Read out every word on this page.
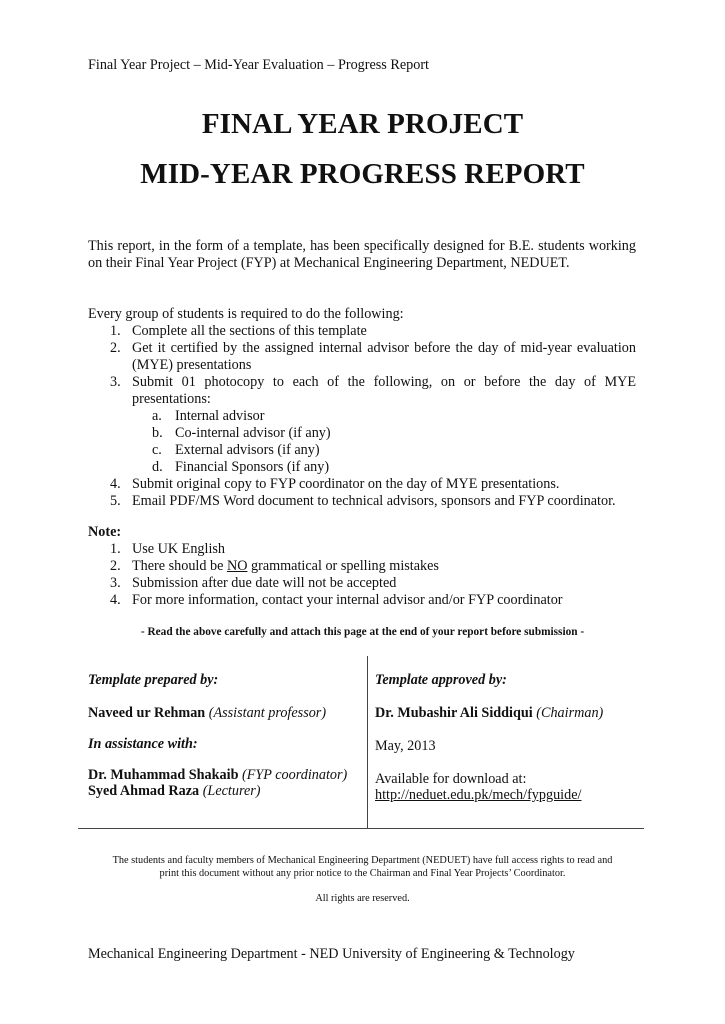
Final Year Project – Mid-Year Evaluation – Progress Report
FINAL YEAR PROJECT
MID-YEAR PROGRESS REPORT
This report, in the form of a template, has been specifically designed for B.E. students working on their Final Year Project (FYP) at Mechanical Engineering Department, NEDUET.

Every group of students is required to do the following:

1. Complete all the sections of this template
2. Get it certified by the assigned internal advisor before the day of mid-year evaluation (MYE) presentations
3. Submit 01 photocopy to each of the following, on or before the day of MYE presentations:
a. Internal advisor
b. Co-internal advisor (if any)
c. External advisors (if any)
d. Financial Sponsors (if any)
4. Submit original copy to FYP coordinator on the day of MYE presentations.
5. Email PDF/MS Word document to technical advisors, sponsors and FYP coordinator.

Note:

1. Use UK English
2. There should be NO grammatical or spelling mistakes
3. Submission after due date will not be accepted
4. For more information, contact your internal advisor and/or FYP coordinator
- Read the above carefully and attach this page at the end of your report before submission -
Template prepared by:
Naveed ur Rehman (Assistant professor)
In assistance with:
Dr. Muhammad Shakaib (FYP coordinator)
Syed Ahmad Raza (Lecturer)
Template approved by:
Dr. Mubashir Ali Siddiqui (Chairman)
May, 2013
Available for download at:
http://neduet.edu.pk/mech/fypguide/
The students and faculty members of Mechanical Engineering Department (NEDUET) have full access rights to read and
print this document without any prior notice to the Chairman and Final Year Projects’ Coordinator.
All rights are reserved.
Mechanical Engineering Department - NED University of Engineering & Technology
